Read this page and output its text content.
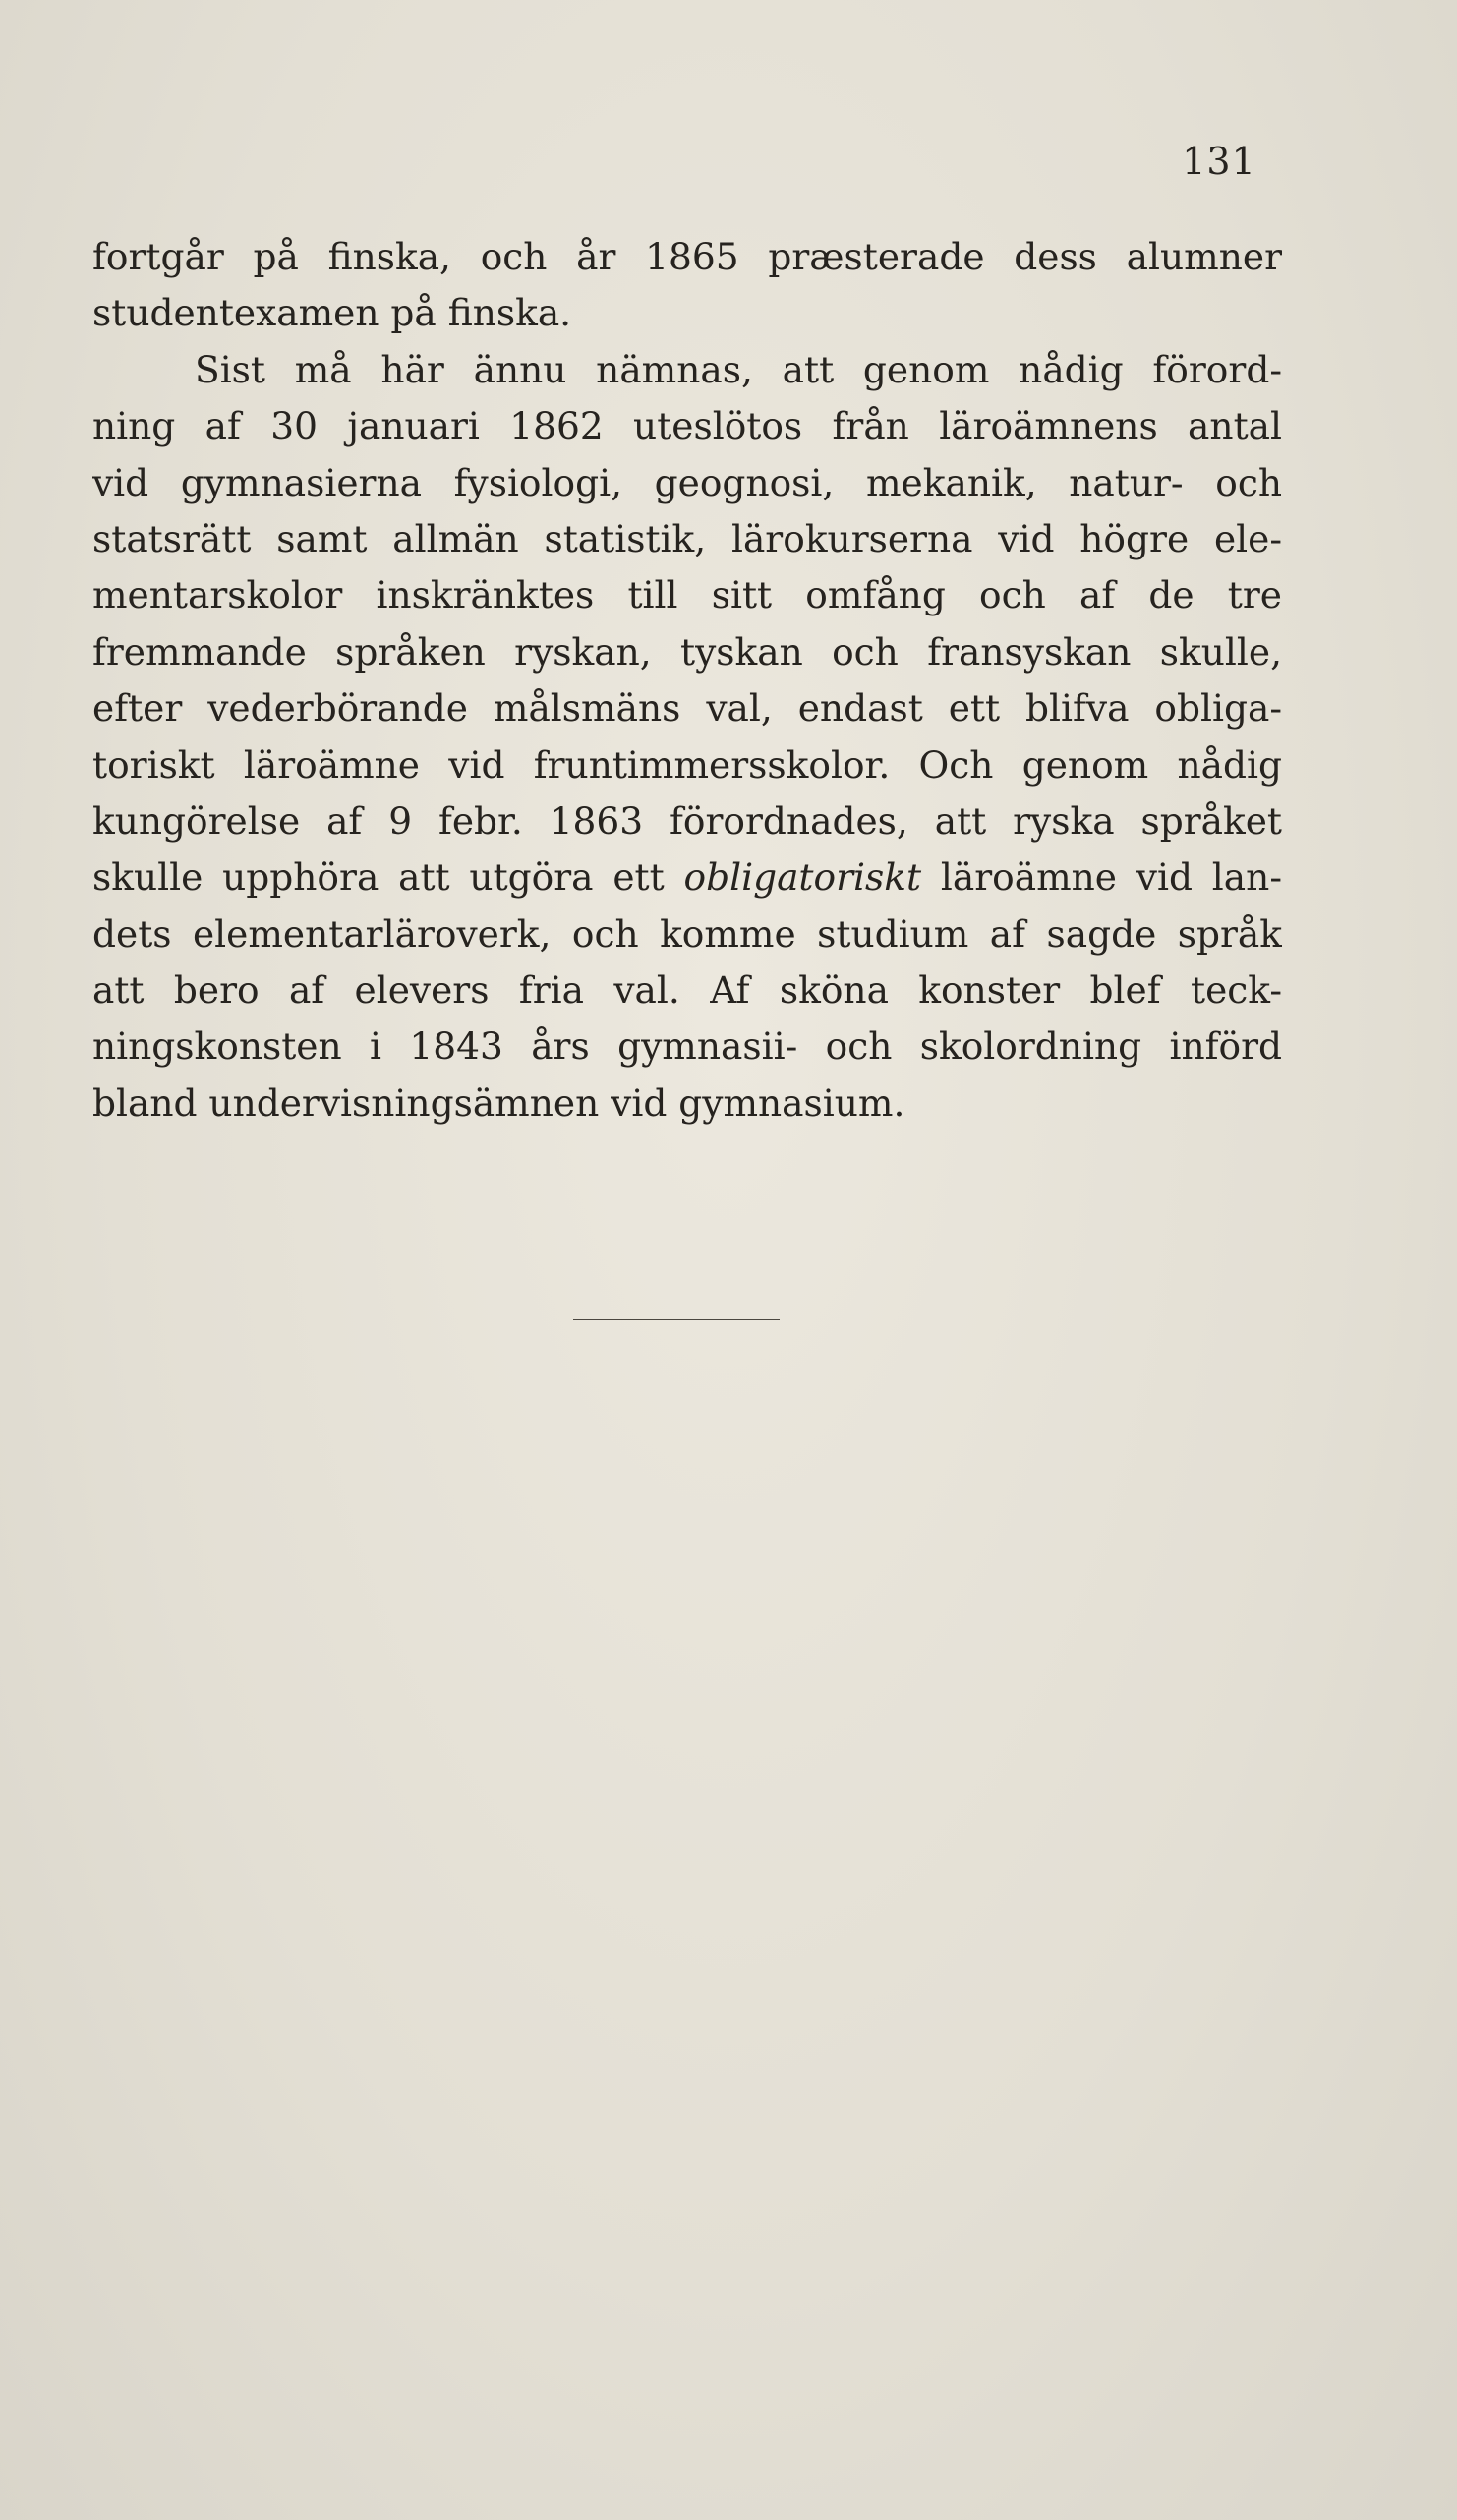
131
fortgår på finska, och år 1865 præsterade dess alumner
studentexamen på finska.
Sist må här ännu nämnas, att genom nådig förord-
ning af 30 januari 1862 uteslötos från läroämnens antal
vid gymnasierna fysiologi, geognosi, mekanik, natur- och
statsrätt samt allmän statistik, lärokurserna vid högre ele-
mentarskolor inskränktes till sitt omfång och af de tre
fremmande språken ryskan, tyskan och fransyskan skulle,
efter vederbörande målsmäns val, endast ett blifva obliga-
toriskt läroämne vid fruntimmersskolor. Och genom nådig
kungörelse af 9 febr. 1863 förordnades, att ryska språket
skulle upphöra att utgöra ett obligatoriskt läroämne vid lan-
dets elementarläroverk, och komme studium af sagde språk
att bero af elevers fria val. Af sköna konster blef teck-
ningskonsten i 1843 års gymnasii- och skolordning införd
bland undervisningsämnen vid gymnasium.
